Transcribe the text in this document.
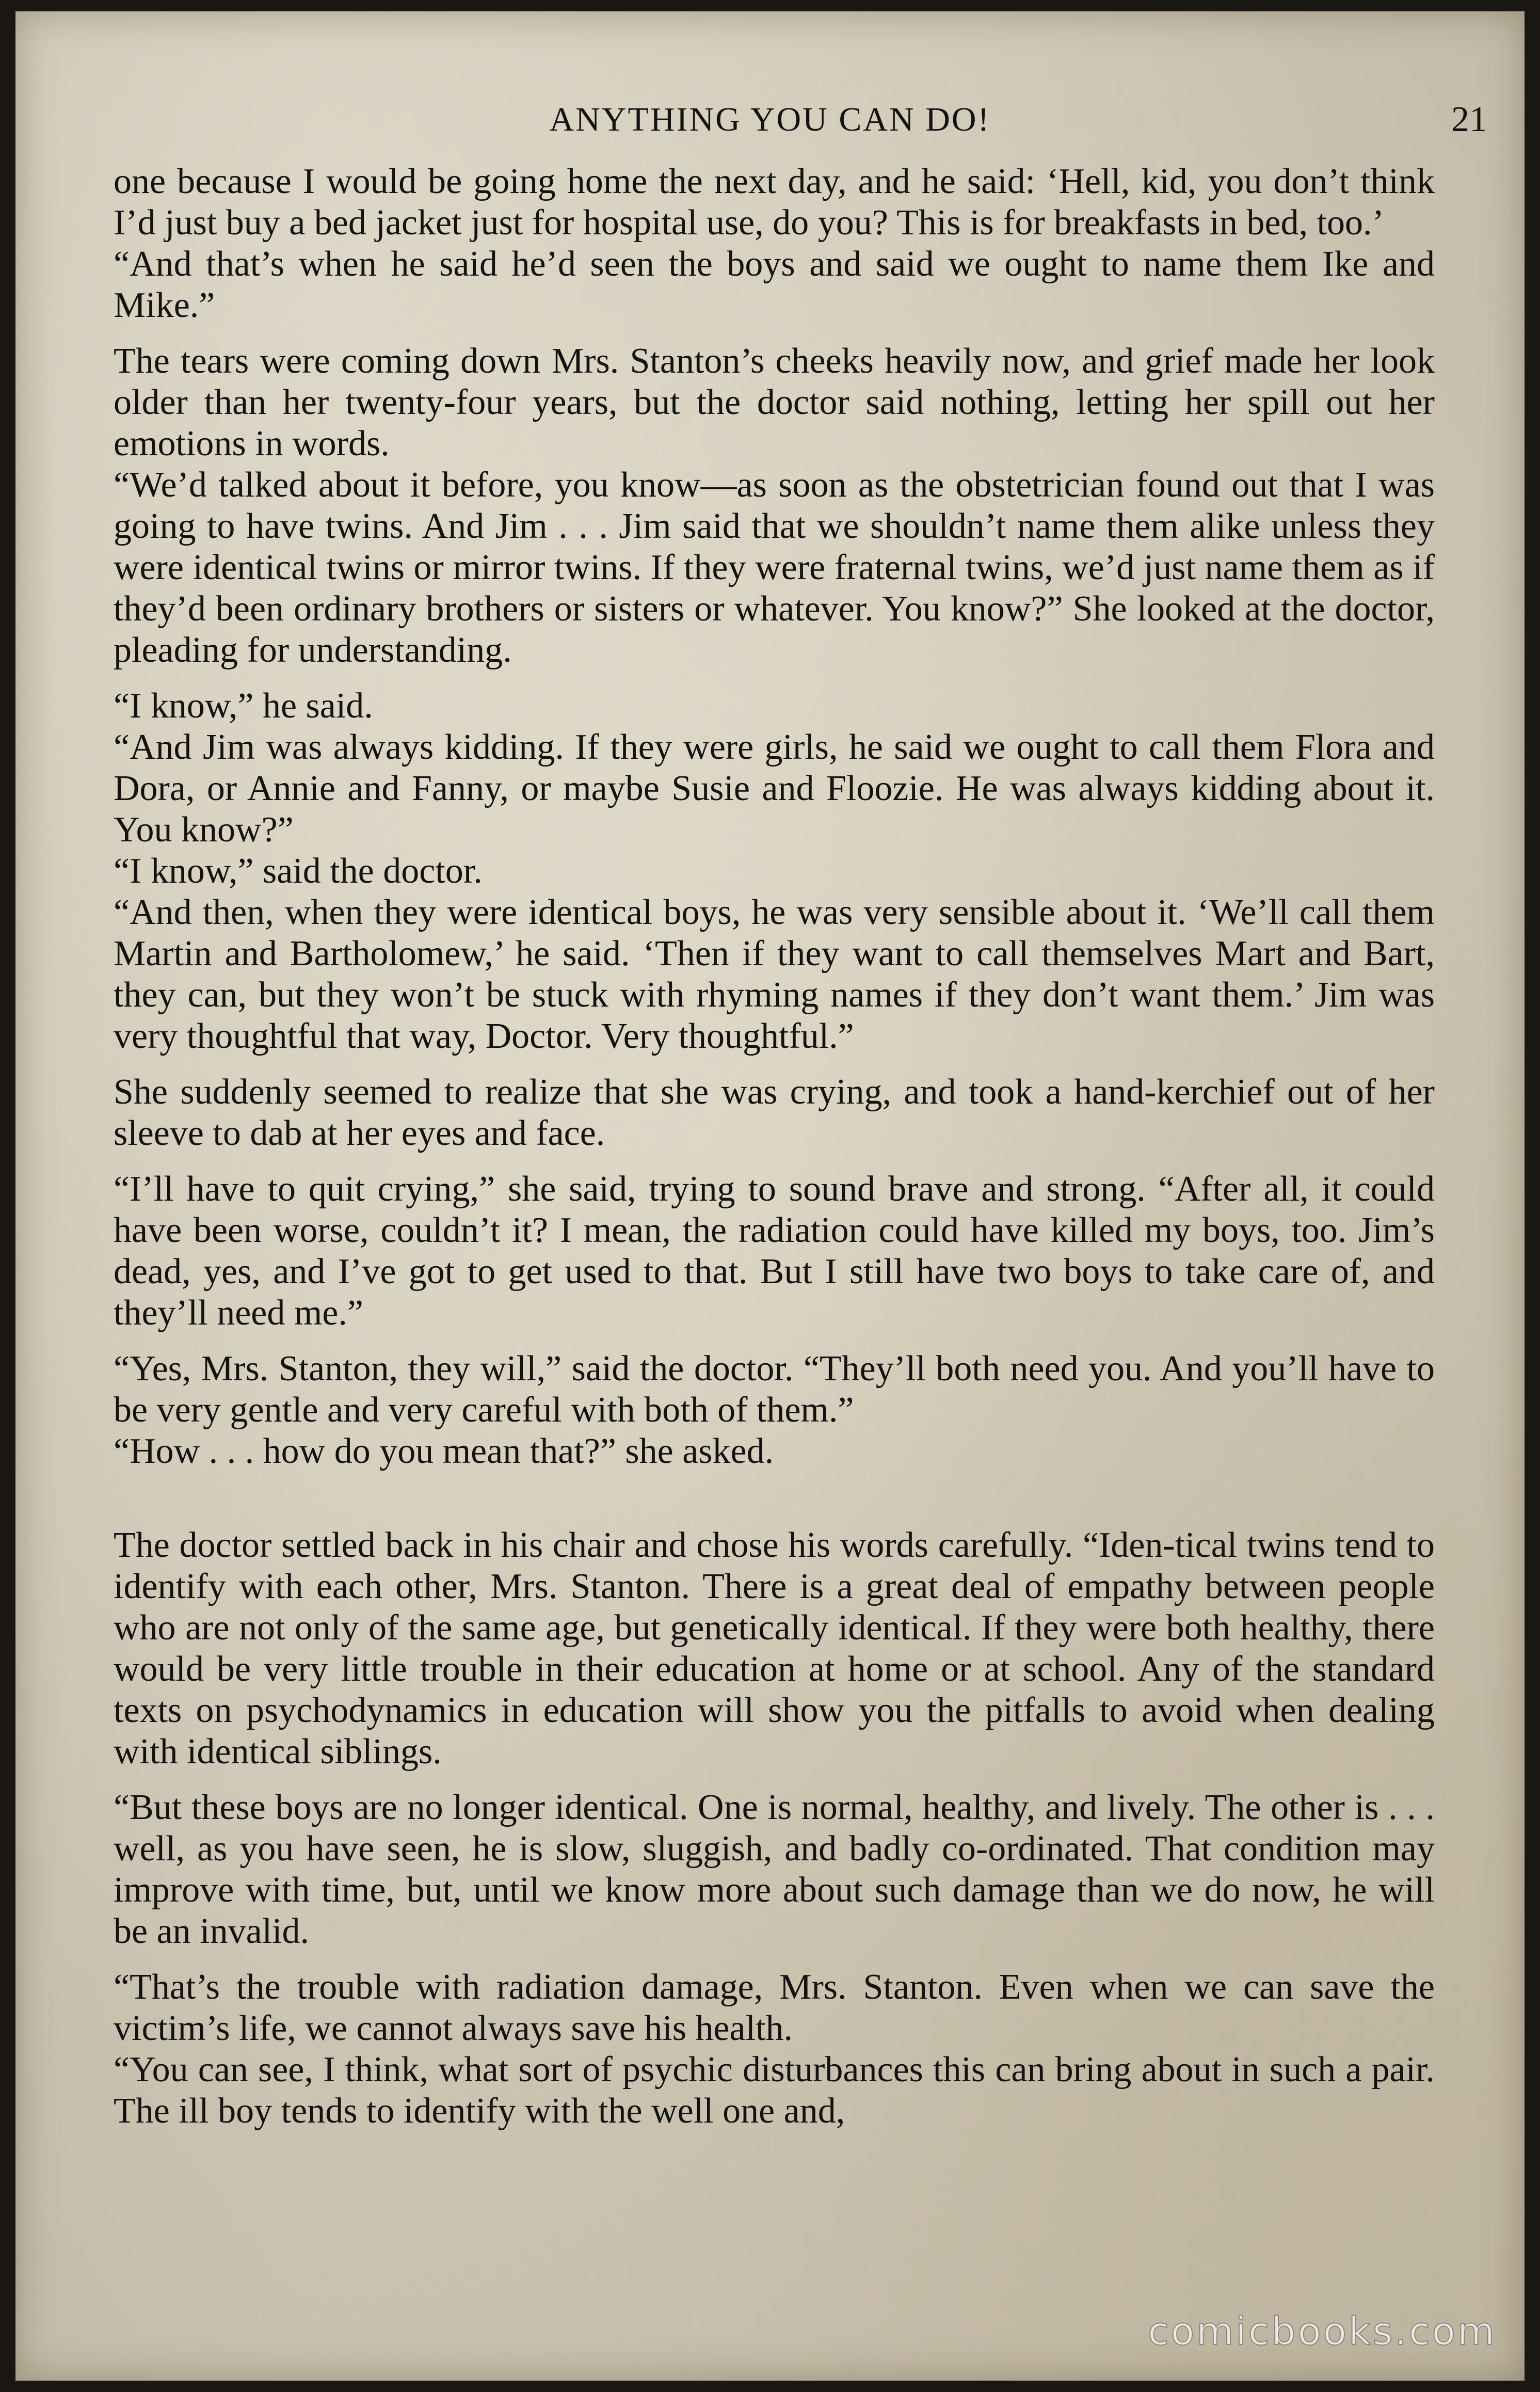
ANYTHING YOU CAN DO!	21

one because I would be going home the next day, and he said: ‘Hell, kid, you don’t think I’d just buy a bed jacket just for hospital use, do you? This is for breakfasts in bed, too.’

“And that’s when he said he’d seen the boys and said we ought to name them Ike and Mike.”

The tears were coming down Mrs. Stanton’s cheeks heavily now, and grief made her look older than her twenty-four years, but the doctor said nothing, letting her spill out her emotions in words.

“We’d talked about it before, you know—as soon as the obstetrician found out that I was going to have twins. And Jim . . . Jim said that we shouldn’t name them alike unless they were identical twins or mirror twins. If they were fraternal twins, we’d just name them as if they’d been ordinary brothers or sisters or whatever. You know?” She looked at the doctor, pleading for understanding.

“I know,” he said.

“And Jim was always kidding. If they were girls, he said we ought to call them Flora and Dora, or Annie and Fanny, or maybe Susie and Floozie. He was always kidding about it. You know?”

“I know,” said the doctor.

“And then, when they were identical boys, he was very sensible about it. ‘We’ll call them Martin and Bartholomew,’ he said. ‘Then if they want to call themselves Mart and Bart, they can, but they won’t be stuck with rhyming names if they don’t want them.’ Jim was very thoughtful that way, Doctor. Very thoughtful.”

She suddenly seemed to realize that she was crying, and took a hand-kerchief out of her sleeve to dab at her eyes and face.

“I’ll have to quit crying,” she said, trying to sound brave and strong. “After all, it could have been worse, couldn’t it? I mean, the radiation could have killed my boys, too. Jim’s dead, yes, and I’ve got to get used to that. But I still have two boys to take care of, and they’ll need me.”

“Yes, Mrs. Stanton, they will,” said the doctor. “They’ll both need you. And you’ll have to be very gentle and very careful with both of them.”

“How . . . how do you mean that?” she asked.

The doctor settled back in his chair and chose his words carefully. “Iden-tical twins tend to identify with each other, Mrs. Stanton. There is a great deal of empathy between people who are not only of the same age, but genetically identical. If they were both healthy, there would be very little trouble in their education at home or at school. Any of the standard texts on psychodynamics in education will show you the pitfalls to avoid when dealing with identical siblings.

“But these boys are no longer identical. One is normal, healthy, and lively. The other is . . . well, as you have seen, he is slow, sluggish, and badly co-ordinated. That condition may improve with time, but, until we know more about such damage than we do now, he will be an invalid.

“That’s the trouble with radiation damage, Mrs. Stanton. Even when we can save the victim’s life, we cannot always save his health.

“You can see, I think, what sort of psychic disturbances this can bring about in such a pair. The ill boy tends to identify with the well one and,

comicbooks.com
